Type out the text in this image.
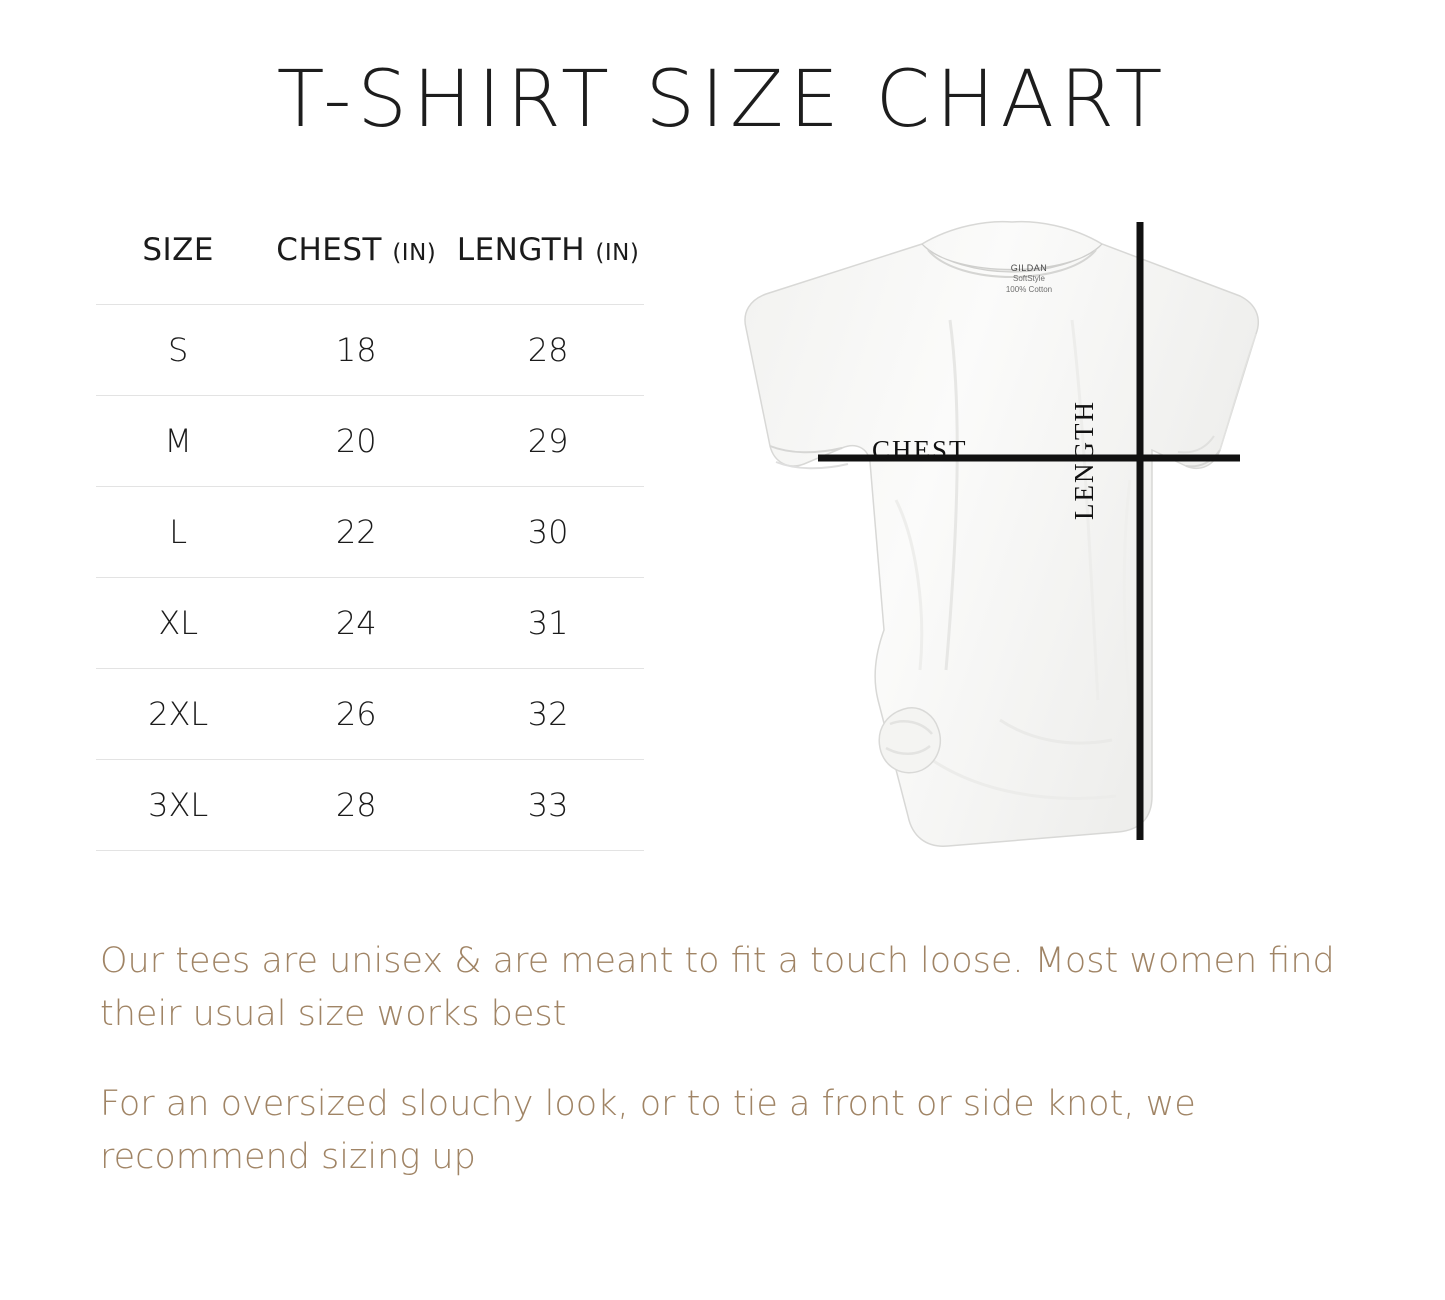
T-SHIRT SIZE CHART
SIZE	CHEST (IN)	LENGTH (IN)
S	18	28
M	20	29
L	22	30
XL	24	31
2XL	26	32
3XL	28	33
GILDAN
SoftStyle
100% Cotton
CHEST	LENGTH

Our tees are unisex & are meant to fit a touch loose. Most women find their usual size works best

For an oversized slouchy look, or to tie a front or side knot, we recommend sizing up
